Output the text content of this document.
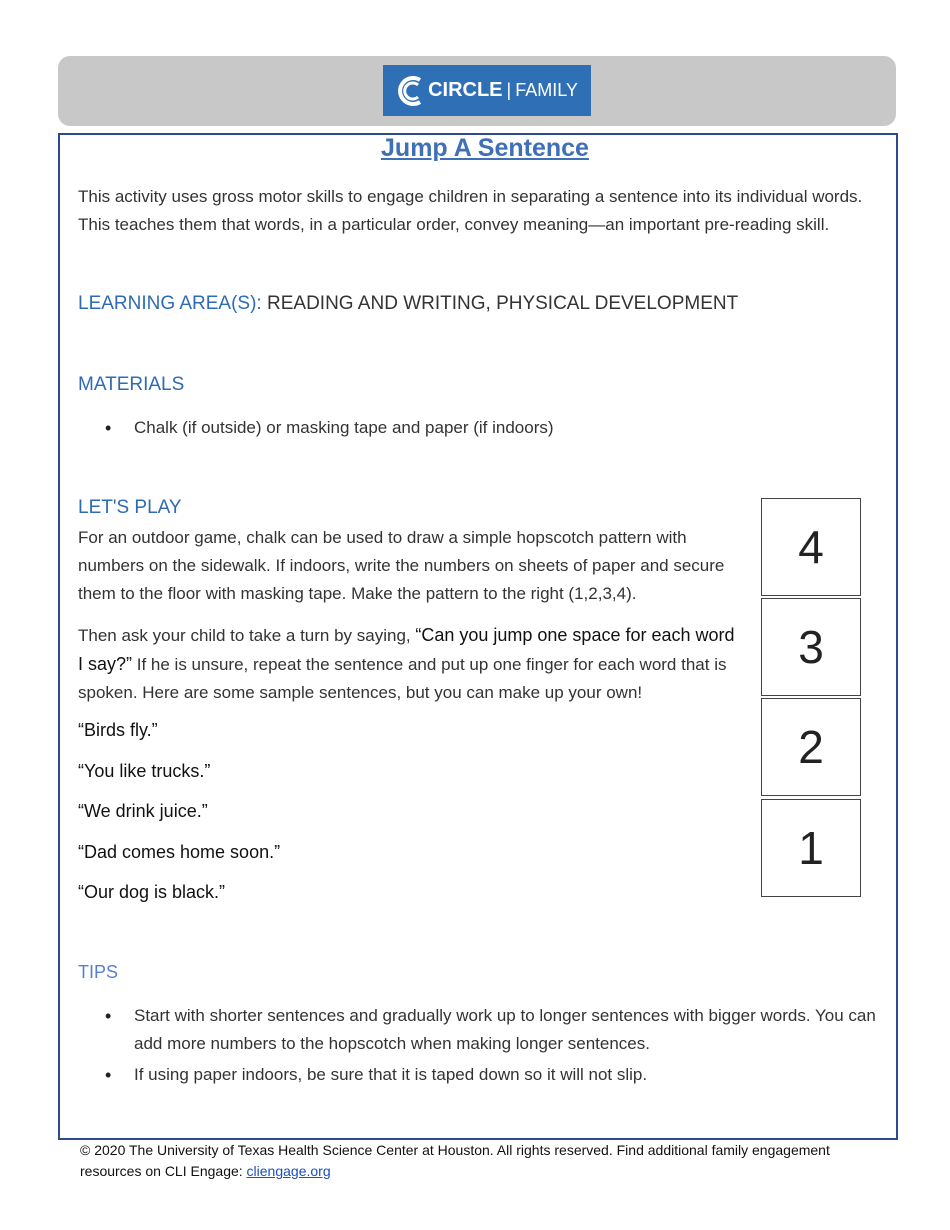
CIRCLE | FAMILY
Jump A Sentence
This activity uses gross motor skills to engage children in separating a sentence into its individual words. This teaches them that words, in a particular order, convey meaning—an important pre-reading skill.
LEARNING AREA(S): READING AND WRITING, PHYSICAL DEVELOPMENT
MATERIALS
• Chalk (if outside) or masking tape and paper (if indoors)
LET'S PLAY
For an outdoor game, chalk can be used to draw a simple hopscotch pattern with numbers on the sidewalk. If indoors, write the numbers on sheets of paper and secure them to the floor with masking tape. Make the pattern to the right (1,2,3,4).
Then ask your child to take a turn by saying, “Can you jump one space for each word I say?” If he is unsure, repeat the sentence and put up one finger for each word that is spoken. Here are some sample sentences, but you can make up your own!
“Birds fly.”
“You like trucks.”
“We drink juice.”
“Dad comes home soon.”
“Our dog is black.”
4
3
2
1
TIPS
• Start with shorter sentences and gradually work up to longer sentences with bigger words. You can add more numbers to the hopscotch when making longer sentences.
• If using paper indoors, be sure that it is taped down so it will not slip.
© 2020 The University of Texas Health Science Center at Houston. All rights reserved. Find additional family engagement resources on CLI Engage: cliengage.org
